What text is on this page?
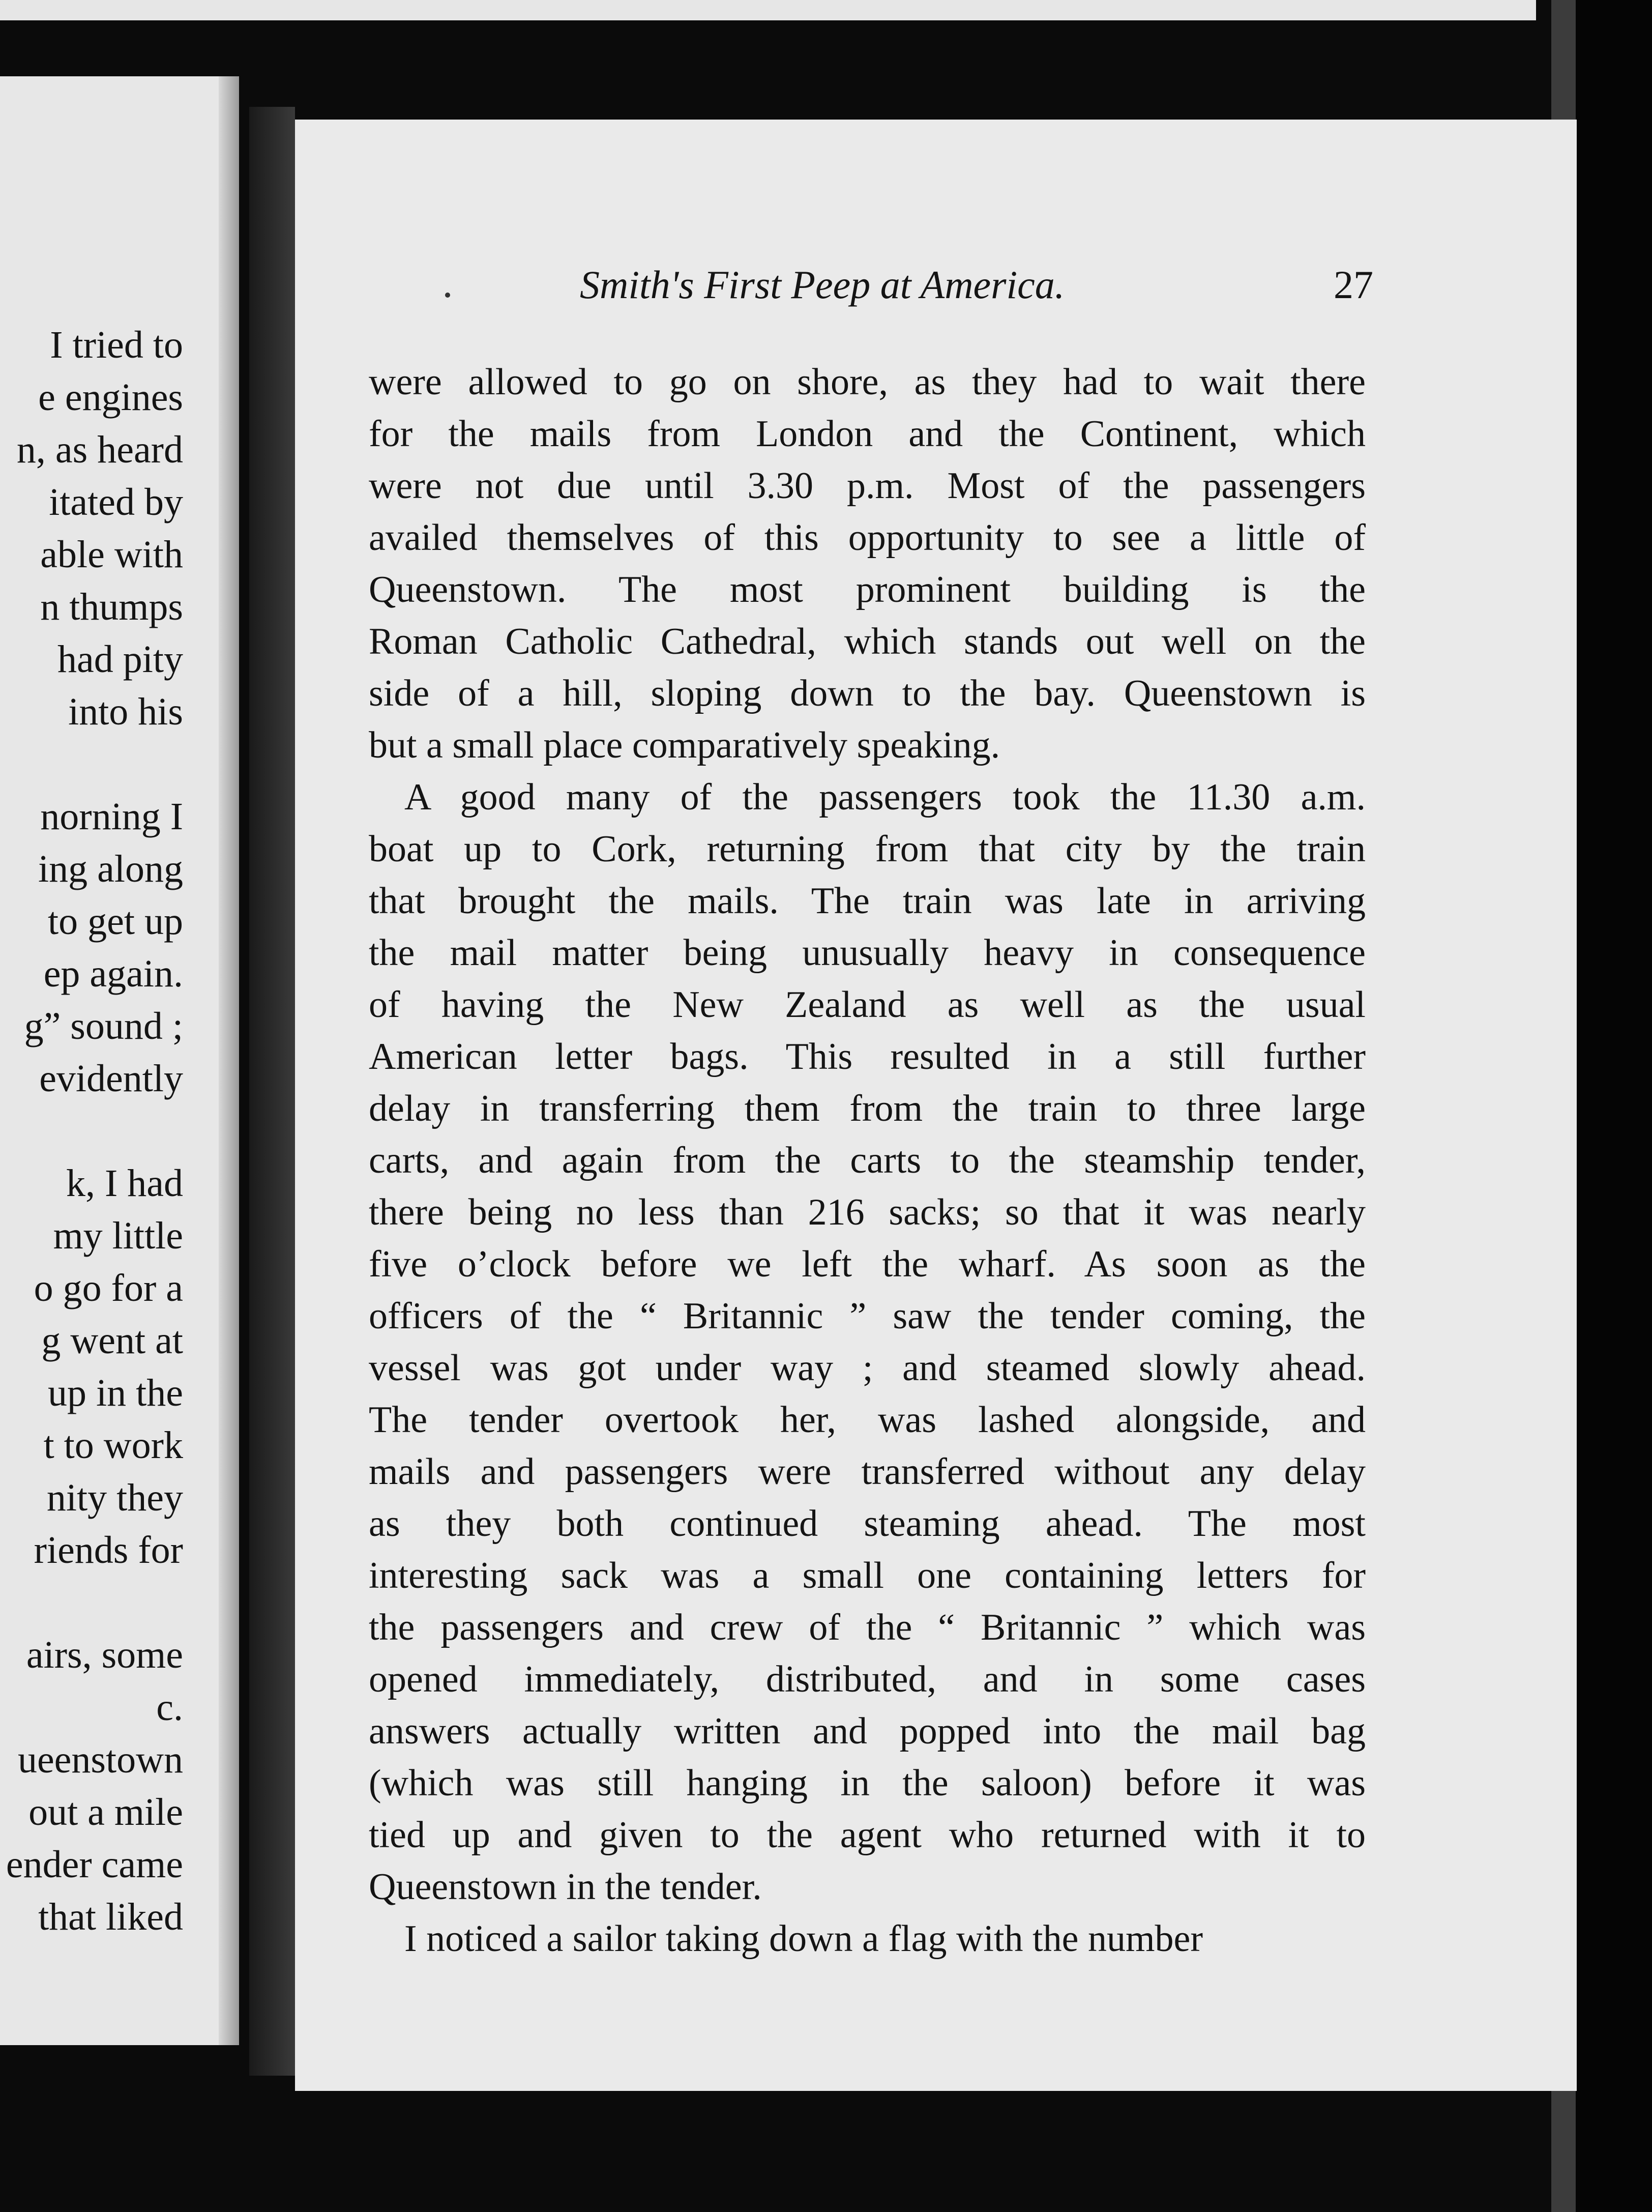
I tried to
e engines
n, as heard
itated by
able with
n thumps
had pity
into his
norning I
ing along
to get up
ep again.
g” sound ;
evidently
k, I had
my little
o go for a
g went at
up in the
t to work
nity they
riends for
airs, some
c.
ueenstown
out a mile
ender came
that liked
Smith's First Peep at America.	27
were allowed to go on shore, as they had to wait there
for the mails from London and the Continent, which
were not due until 3.30 p.m. Most of the passengers
availed themselves of this opportunity to see a little of
Queenstown. The most prominent building is the
Roman Catholic Cathedral, which stands out well on the
side of a hill, sloping down to the bay. Queenstown is
but a small place comparatively speaking.
A good many of the passengers took the 11.30 a.m.
boat up to Cork, returning from that city by the train
that brought the mails. The train was late in arriving
the mail matter being unusually heavy in consequence
of having the New Zealand as well as the usual
American letter bags. This resulted in a still further
delay in transferring them from the train to three large
carts, and again from the carts to the steamship tender,
there being no less than 216 sacks; so that it was nearly
five o’clock before we left the wharf. As soon as the
officers of the “ Britannic ” saw the tender coming, the
vessel was got under way ; and steamed slowly ahead.
The tender overtook her, was lashed alongside, and
mails and passengers were transferred without any delay
as they both continued steaming ahead. The most
interesting sack was a small one containing letters for
the passengers and crew of the “ Britannic ” which was
opened immediately, distributed, and in some cases
answers actually written and popped into the mail bag
(which was still hanging in the saloon) before it was
tied up and given to the agent who returned with it to
Queenstown in the tender.
I noticed a sailor taking down a flag with the number
